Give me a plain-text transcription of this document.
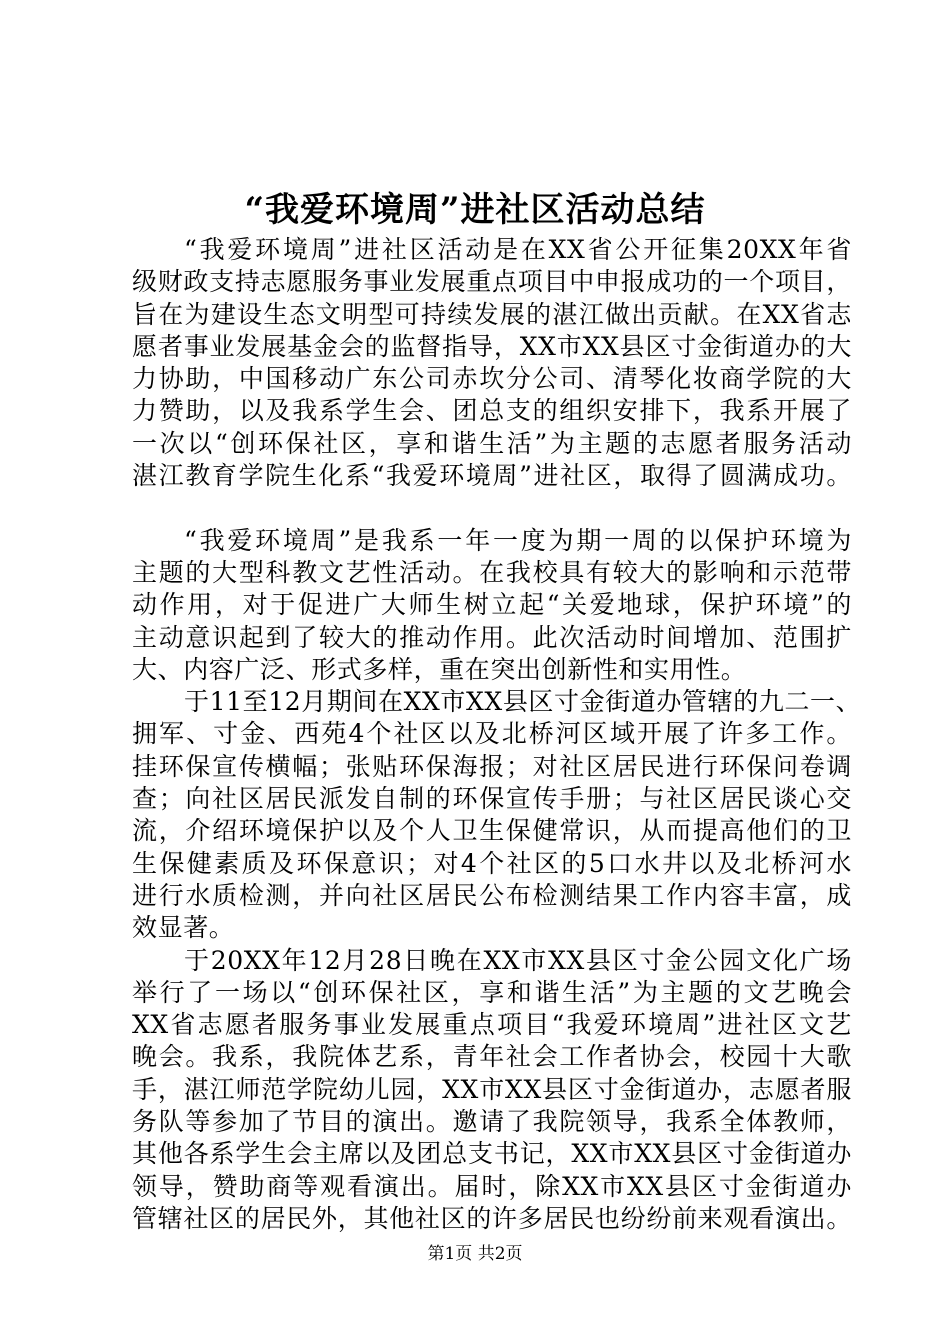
“我爱环境周”进社区活动总结
“我爱环境周”进社区活动是在XX省公开征集20XX年省
级财政支持志愿服务事业发展重点项目中申报成功的一个项目，
旨在为建设生态文明型可持续发展的湛江做出贡献。在XX省志
愿者事业发展基金会的监督指导，XX市XX县区寸金街道办的大
力协助，中国移动广东公司赤坎分公司、清琴化妆商学院的大
力赞助，以及我系学生会、团总支的组织安排下，我系开展了
一次以“创环保社区，享和谐生活”为主题的志愿者服务活动
湛江教育学院生化系“我爱环境周”进社区，取得了圆满成功。
“我爱环境周”是我系一年一度为期一周的以保护环境为
主题的大型科教文艺性活动。在我校具有较大的影响和示范带
动作用，对于促进广大师生树立起“关爱地球，保护环境”的
主动意识起到了较大的推动作用。此次活动时间增加、范围扩
大、内容广泛、形式多样，重在突出创新性和实用性。
于11至12月期间在XX市XX县区寸金街道办管辖的九二一、
拥军、寸金、西苑4个社区以及北桥河区域开展了许多工作。
挂环保宣传横幅；张贴环保海报；对社区居民进行环保问卷调
查；向社区居民派发自制的环保宣传手册；与社区居民谈心交
流，介绍环境保护以及个人卫生保健常识，从而提高他们的卫
生保健素质及环保意识；对4个社区的5口水井以及北桥河水
进行水质检测，并向社区居民公布检测结果工作内容丰富，成
效显著。
于20XX年12月28日晚在XX市XX县区寸金公园文化广场
举行了一场以“创环保社区，享和谐生活”为主题的文艺晚会
XX省志愿者服务事业发展重点项目“我爱环境周”进社区文艺
晚会。我系，我院体艺系，青年社会工作者协会，校园十大歌
手，湛江师范学院幼儿园，XX市XX县区寸金街道办，志愿者服
务队等参加了节目的演出。邀请了我院领导，我系全体教师，
其他各系学生会主席以及团总支书记，XX市XX县区寸金街道办
领导，赞助商等观看演出。届时，除XX市XX县区寸金街道办
管辖社区的居民外，其他社区的许多居民也纷纷前来观看演出。
第1页 共2页
